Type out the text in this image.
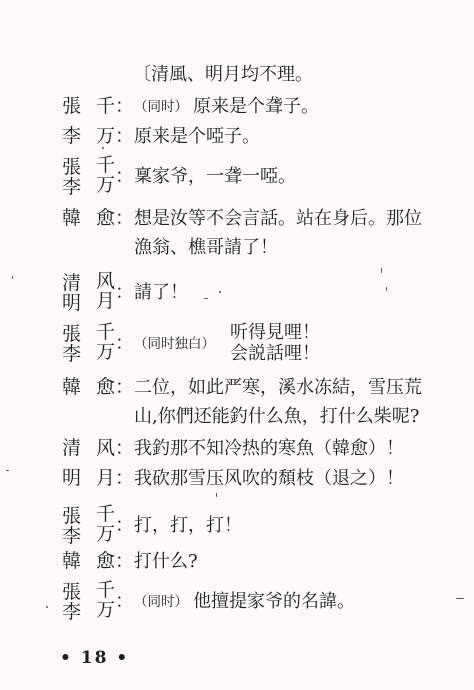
〔清風、明月均不理。
張 千 ： （同时） 原来是个聋子。
李 万 ： 原来是个啞子。
張 千
李 万 ： 稟家爷，一聋一啞。
韓 愈 ： 想是汝等不会言話。站在身后。那位
漁翁、樵哥請了！
清 风
明 月 ： 請了！
張 千
李 万 ： （同时独白）
听得見哩！
会説話哩！
韓 愈 ： 二位，如此严寒，溪水冻結，雪压荒
山,你們还能釣什么魚，打什么柴呢?
清 风 ： 我釣那不知冷热的寒魚（韓愈）！
明 月 ： 我砍那雪压风吹的頹枝（退之）！
張 千
李 万 ： 打，打，打！
韓 愈 ： 打什么?
張 千
李 万 ： （同时） 他擅提家爷的名諱。
• 18 •
